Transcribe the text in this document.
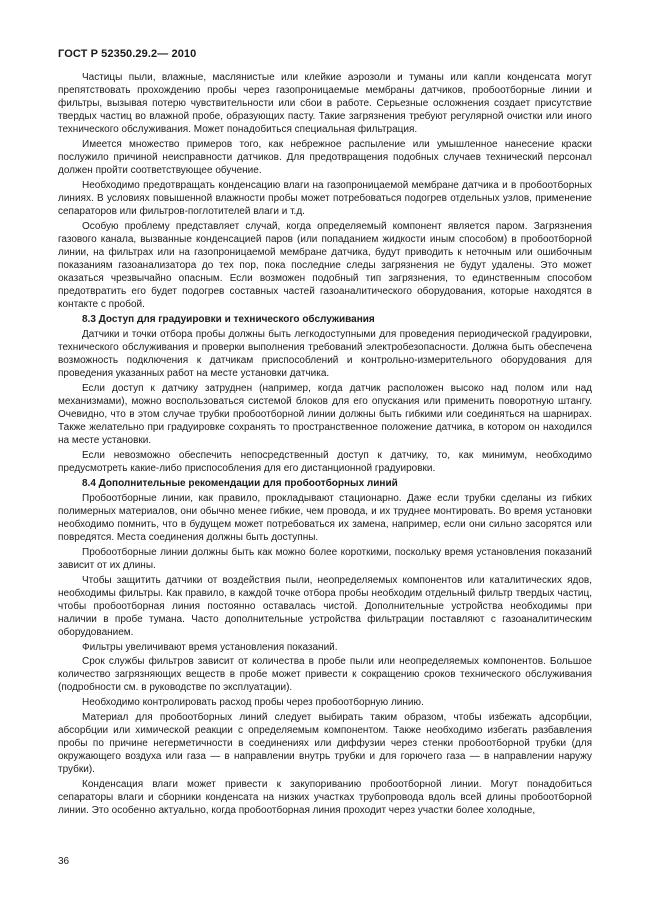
ГОСТ Р 52350.29.2— 2010

Частицы пыли, влажные, маслянистые или клейкие аэрозоли и туманы или капли конденсата могут препятствовать прохождению пробы через газопроницаемые мембраны датчиков, пробоотборные линии и фильтры, вызывая потерю чувствительности или сбои в работе. Серьезные осложнения создает присутствие твердых частиц во влажной пробе, образующих пасту. Такие загрязнения требуют регулярной очистки или иного технического обслуживания. Может понадобиться специальная фильтрация.

Имеется множество примеров того, как небрежное распыление или умышленное нанесение краски послужило причиной неисправности датчиков. Для предотвращения подобных случаев технический персонал должен пройти соответствующее обучение.

Необходимо предотвращать конденсацию влаги на газопроницаемой мембране датчика и в пробоотборных линиях. В условиях повышенной влажности пробы может потребоваться подогрев отдельных узлов, применение сепараторов или фильтров-поглотителей влаги и т.д.

Особую проблему представляет случай, когда определяемый компонент является паром. Загрязнения газового канала, вызванные конденсацией паров (или попаданием жидкости иным способом) в пробоотборной линии, на фильтрах или на газопроницаемой мембране датчика, будут приводить к неточным или ошибочным показаниям газоанализатора до тех пор, пока последние следы загрязнения не будут удалены. Это может оказаться чрезвычайно опасным. Если возможен подобный тип загрязнения, то единственным способом предотвратить его будет подогрев составных частей газоаналитического оборудования, которые находятся в контакте с пробой.

8.3 Доступ для градуировки и технического обслуживания

Датчики и точки отбора пробы должны быть легкодоступными для проведения периодической градуировки, технического обслуживания и проверки выполнения требований электробезопасности. Должна быть обеспечена возможность подключения к датчикам приспособлений и контрольно-измерительного оборудования для проведения указанных работ на месте установки датчика.

Если доступ к датчику затруднен (например, когда датчик расположен высоко над полом или над механизмами), можно воспользоваться системой блоков для его опускания или применить поворотную штангу. Очевидно, что в этом случае трубки пробоотборной линии должны быть гибкими или соединяться на шарнирах. Также желательно при градуировке сохранять то пространственное положение датчика, в котором он находился на месте установки.

Если невозможно обеспечить непосредственный доступ к датчику, то, как минимум, необходимо предусмотреть какие-либо приспособления для его дистанционной градуировки.

8.4 Дополнительные рекомендации для пробоотборных линий

Пробоотборные линии, как правило, прокладывают стационарно. Даже если трубки сделаны из гибких полимерных материалов, они обычно менее гибкие, чем провода, и их труднее монтировать. Во время установки необходимо помнить, что в будущем может потребоваться их замена, например, если они сильно засорятся или повредятся. Места соединения должны быть доступны.

Пробоотборные линии должны быть как можно более короткими, поскольку время установления показаний зависит от их длины.

Чтобы защитить датчики от воздействия пыли, неопределяемых компонентов или каталитических ядов, необходимы фильтры. Как правило, в каждой точке отбора пробы необходим отдельный фильтр твердых частиц, чтобы пробоотборная линия постоянно оставалась чистой. Дополнительные устройства необходимы при наличии в пробе тумана. Часто дополнительные устройства фильтрации поставляют с газоаналитическим оборудованием.

Фильтры увеличивают время установления показаний.

Срок службы фильтров зависит от количества в пробе пыли или неопределяемых компонентов. Большое количество загрязняющих веществ в пробе может привести к сокращению сроков технического обслуживания (подробности см. в руководстве по эксплуатации).

Необходимо контролировать расход пробы через пробоотборную линию.

Материал для пробоотборных линий следует выбирать таким образом, чтобы избежать адсорбции, абсорбции или химической реакции с определяемым компонентом. Также необходимо избегать разбавления пробы по причине негерметичности в соединениях или диффузии через стенки пробоотборной трубки (для окружающего воздуха или газа — в направлении внутрь трубки и для горючего газа — в направлении наружу трубки).

Конденсация влаги может привести к закупориванию пробоотборной линии. Могут понадобиться сепараторы влаги и сборники конденсата на низких участках трубопровода вдоль всей длины пробоотборной линии. Это особенно актуально, когда пробоотборная линия проходит через участки более холодные,

36
